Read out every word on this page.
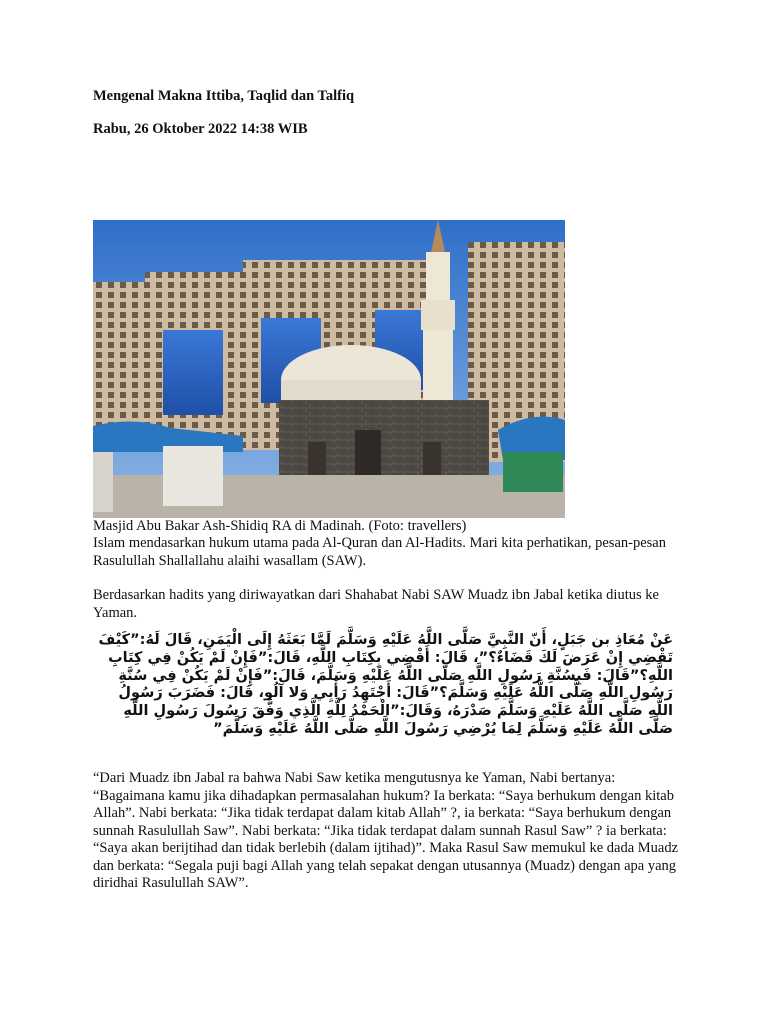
Mengenal Makna Ittiba, Taqlid dan Talfiq
Rabu, 26 Oktober 2022 14:38 WIB
Masjid Abu Bakar Ash-Shidiq RA di Madinah. (Foto: travellers)
Islam mendasarkan hukum utama pada Al-Quran dan Al-Hadits. Mari kita perhatikan, pesan-pesan Rasulullah Shallallahu alaihi wasallam (SAW).
Berdasarkan hadits yang diriwayatkan dari Shahabat Nabi SAW Muadz ibn Jabal ketika diutus ke Yaman.
عَنْ مُعَاذِ بن جَبَلٍ، أَنّ النَّبِيَّ صَلَّى اللَّهُ عَلَيْهِ وَسَلَّمَ لَمَّا بَعَثَهُ إِلَى الْيَمَنِ، قَالَ لَهُ:”كَيْفَ تَقْضِي إِنْ عَرَضَ لَكَ قَضَاءٌ؟”، قَالَ: أَقْضِي بِكِتَابِ اللَّهِ، قَالَ:”فَإِنْ لَمْ يَكُنْ فِي كِتَابِ اللَّهِ؟”قَالَ: فَبِسُنَّةِ رَسُولِ اللَّهِ صَلَّى اللَّهُ عَلَيْهِ وَسَلَّمَ، قَالَ:”فَإِنْ لَمْ يَكُنْ فِي سُنَّةِ رَسُولِ اللَّهِ صَلَّى اللَّهُ عَلَيْهِ وَسَلَّمَ؟”قَالَ: أَجْتَهِدُ رَأْيِي وَلا آلُو، قَالَ: فَضَرَبَ رَسُولُ اللَّهِ صَلَّى اللَّهُ عَلَيْهِ وَسَلَّمَ صَدْرَهُ، وَقَالَ:”الْحَمْدُ لِلَّهِ الَّذِي وَفَّقَ رَسُولَ رَسُولِ اللَّهِ صَلَّى اللَّهُ عَلَيْهِ وَسَلَّمَ لِمَا يُرْضِي رَسُولَ اللَّهِ صَلَّى اللَّهُ عَلَيْهِ وَسَلَّمَ”
“Dari Muadz ibn Jabal ra bahwa Nabi Saw ketika mengutusnya ke Yaman, Nabi bertanya: “Bagaimana kamu jika dihadapkan permasalahan hukum? Ia berkata: “Saya berhukum dengan kitab Allah”. Nabi berkata: “Jika tidak terdapat dalam kitab Allah” ?, ia berkata: “Saya berhukum dengan sunnah Rasulullah Saw”. Nabi berkata: “Jika tidak terdapat dalam sunnah Rasul Saw” ? ia berkata: “Saya akan berijtihad dan tidak berlebih (dalam ijtihad)”. Maka Rasul Saw memukul ke dada Muadz dan berkata: “Segala puji bagi Allah yang telah sepakat dengan utusannya (Muadz) dengan apa yang diridhai Rasulullah SAW”.
